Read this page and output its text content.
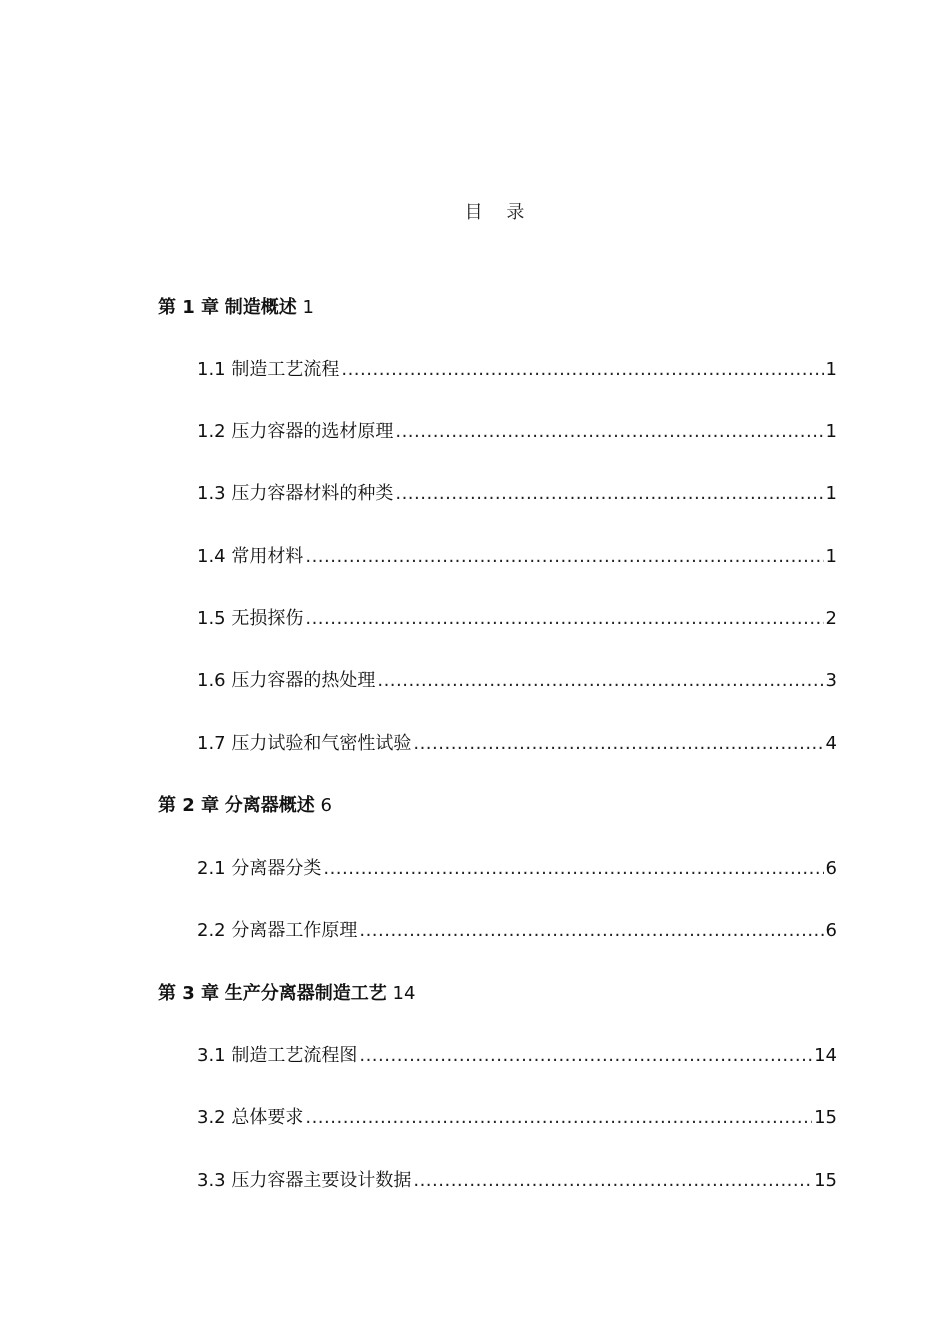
目 录
第 1 章 制造概述 1
1.1 制造工艺流程 .....	1
1.2 压力容器的选材原理 .....	1
1.3 压力容器材料的种类 .....	1
1.4 常用材料 .....	1
1.5 无损探伤 .....	2
1.6 压力容器的热处理 .....	3
1.7 压力试验和气密性试验 .....	4
第 2 章 分离器概述 6
2.1 分离器分类 .....	6
2.2 分离器工作原理 .....	6
第 3 章 生产分离器制造工艺 14
3.1 制造工艺流程图 .....	14
3.2 总体要求 .....	15
3.3 压力容器主要设计数据 .....	15
